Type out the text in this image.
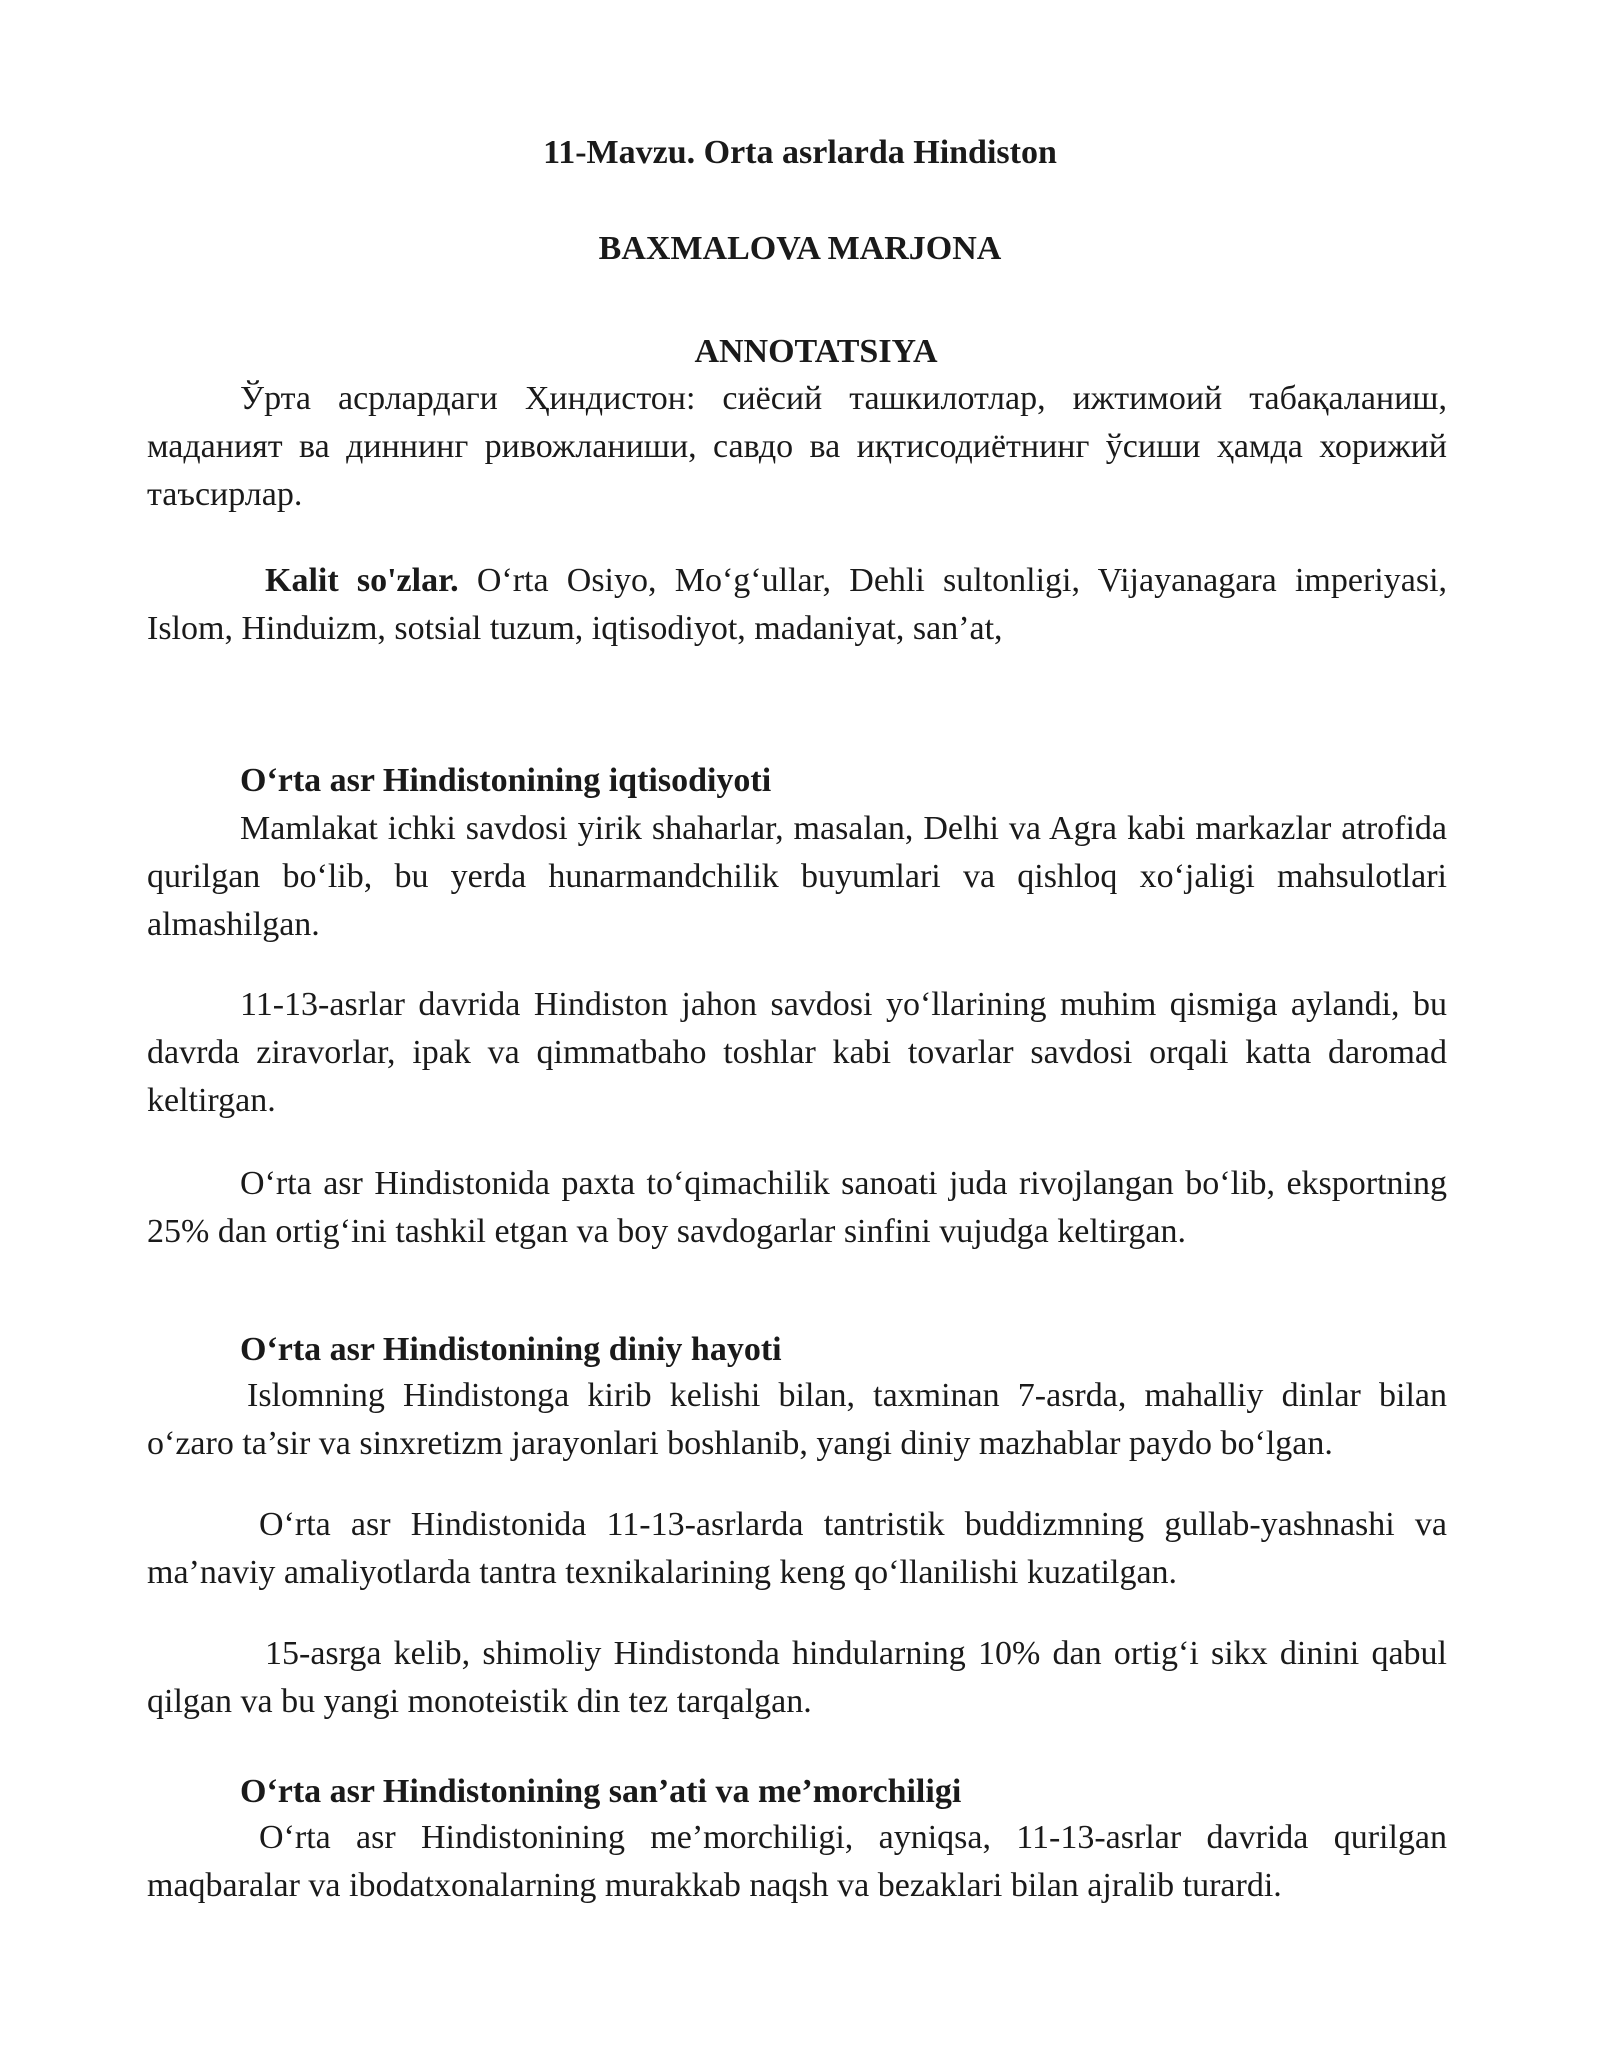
11-Mavzu. Orta asrlarda Hindiston

BAXMALOVA MARJONA

ANNOTATSIYA

Ўрта асрлардаги Ҳиндистон: сиёсий ташкилотлар, ижтимоий табақаланиш, маданият ва диннинг ривожланиши, савдо ва иқтисодиётнинг ўсиши ҳамда хорижий таъсирлар.

Kalit so'zlar. O‘rta Osiyo, Mo‘g‘ullar, Dehli sultonligi, Vijayanagara imperiyasi, Islom, Hinduizm, sotsial tuzum, iqtisodiyot, madaniyat, san’at,

O‘rta asr Hindistonining iqtisodiyoti

Mamlakat ichki savdosi yirik shaharlar, masalan, Delhi va Agra kabi markazlar atrofida qurilgan bo‘lib, bu yerda hunarmandchilik buyumlari va qishloq xo‘jaligi mahsulotlari almashilgan.

11-13-asrlar davrida Hindiston jahon savdosi yo‘llarining muhim qismiga aylandi, bu davrda ziravorlar, ipak va qimmatbaho toshlar kabi tovarlar savdosi orqali katta daromad keltirgan.

O‘rta asr Hindistonida paxta to‘qimachilik sanoati juda rivojlangan bo‘lib, eksportning 25% dan ortig‘ini tashkil etgan va boy savdogarlar sinfini vujudga keltirgan.

O‘rta asr Hindistonining diniy hayoti

Islomning Hindistonga kirib kelishi bilan, taxminan 7-asrda, mahalliy dinlar bilan o‘zaro ta’sir va sinxretizm jarayonlari boshlanib, yangi diniy mazhablar paydo bo‘lgan.

O‘rta asr Hindistonida 11-13-asrlarda tantristik buddizmning gullab-yashnashi va ma’naviy amaliyotlarda tantra texnikalarining keng qo‘llanilishi kuzatilgan.

15-asrga kelib, shimoliy Hindistonda hindularning 10% dan ortig‘i sikx dinini qabul qilgan va bu yangi monoteistik din tez tarqalgan.

O‘rta asr Hindistonining san’ati va me’morchiligi

O‘rta asr Hindistonining me’morchiligi, ayniqsa, 11-13-asrlar davrida qurilgan maqbaralar va ibodatxonalarning murakkab naqsh va bezaklari bilan ajralib turardi.
